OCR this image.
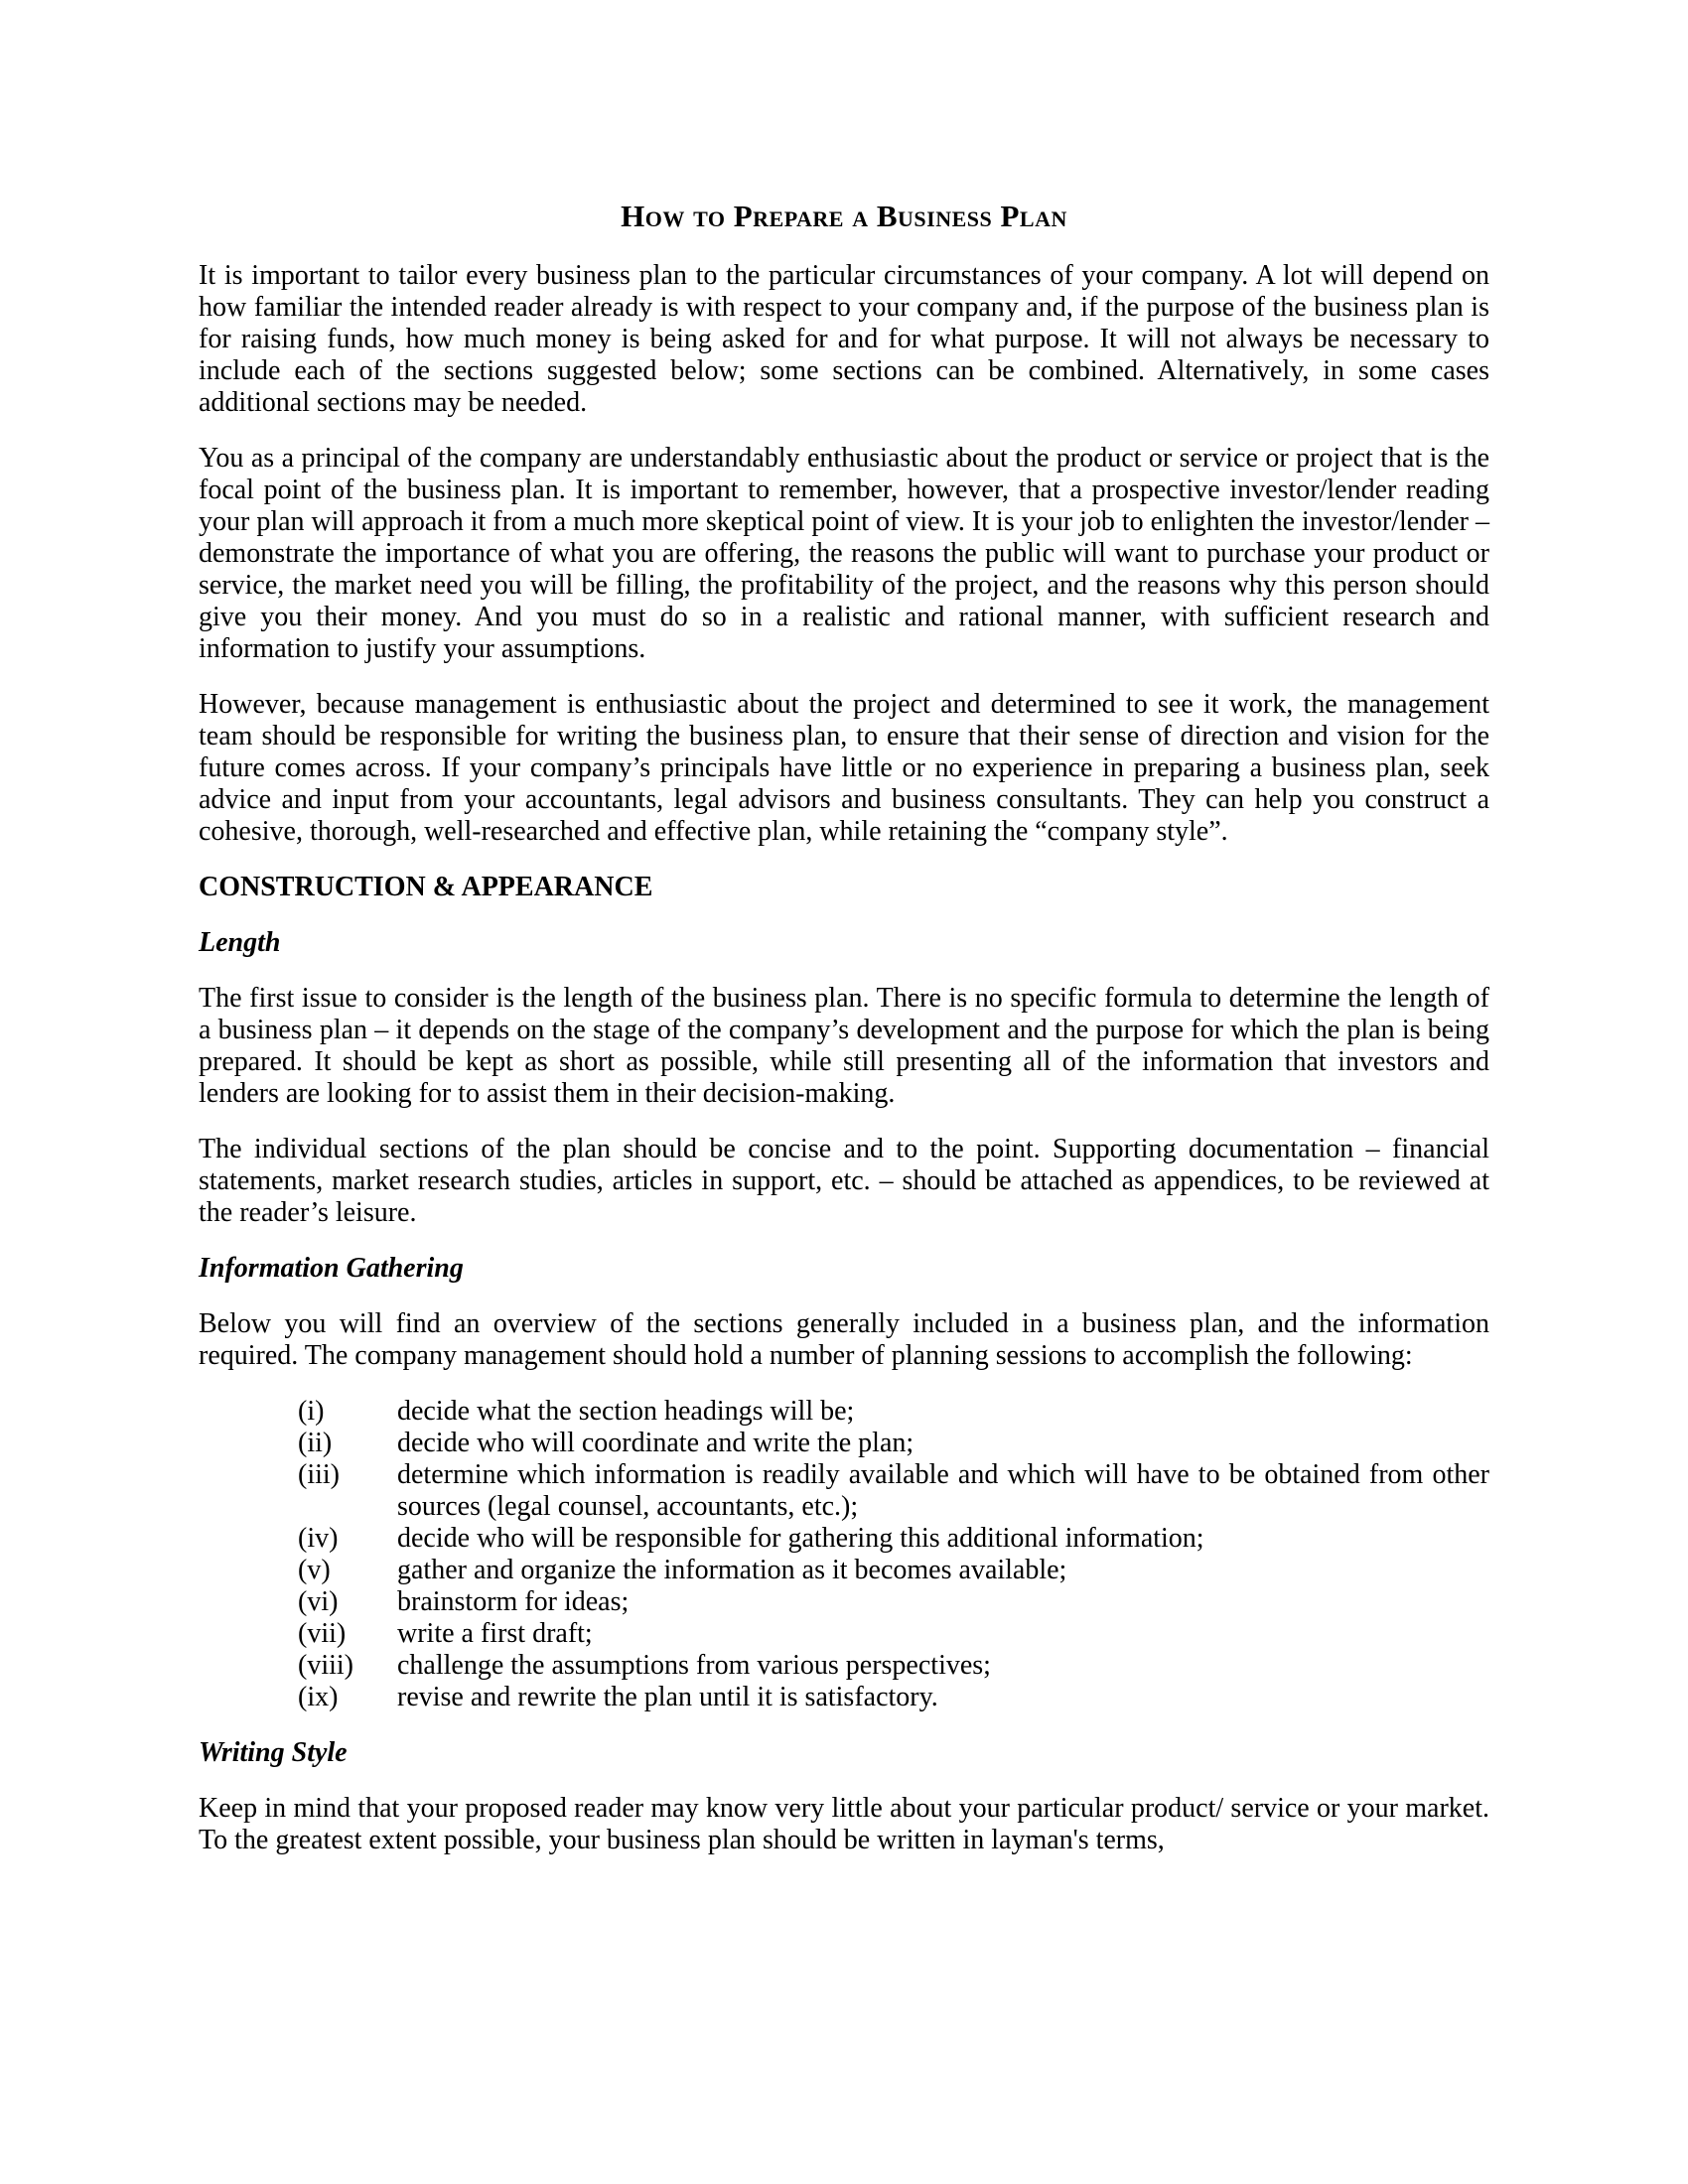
How to Prepare a Business Plan

It is important to tailor every business plan to the particular circumstances of your company. A lot will depend on how familiar the intended reader already is with respect to your company and, if the purpose of the business plan is for raising funds, how much money is being asked for and for what purpose. It will not always be necessary to include each of the sections suggested below; some sections can be combined. Alternatively, in some cases additional sections may be needed.

You as a principal of the company are understandably enthusiastic about the product or service or project that is the focal point of the business plan. It is important to remember, however, that a prospective investor/lender reading your plan will approach it from a much more skeptical point of view. It is your job to enlighten the investor/lender – demonstrate the importance of what you are offering, the reasons the public will want to purchase your product or service, the market need you will be filling, the profitability of the project, and the reasons why this person should give you their money. And you must do so in a realistic and rational manner, with sufficient research and information to justify your assumptions.

However, because management is enthusiastic about the project and determined to see it work, the management team should be responsible for writing the business plan, to ensure that their sense of direction and vision for the future comes across. If your company’s principals have little or no experience in preparing a business plan, seek advice and input from your accountants, legal advisors and business consultants. They can help you construct a cohesive, thorough, well-researched and effective plan, while retaining the “company style”.

CONSTRUCTION & APPEARANCE
Length

The first issue to consider is the length of the business plan. There is no specific formula to determine the length of a business plan – it depends on the stage of the company’s development and the purpose for which the plan is being prepared. It should be kept as short as possible, while still presenting all of the information that investors and lenders are looking for to assist them in their decision-making.

The individual sections of the plan should be concise and to the point. Supporting documentation – financial statements, market research studies, articles in support, etc. – should be attached as appendices, to be reviewed at the reader’s leisure.

Information Gathering

Below you will find an overview of the sections generally included in a business plan, and the information required. The company management should hold a number of planning sessions to accomplish the following:

(i)	decide what the section headings will be;
(ii)	decide who will coordinate and write the plan;
(iii)	determine which information is readily available and which will have to be obtained from other sources (legal counsel, accountants, etc.);
(iv)	decide who will be responsible for gathering this additional information;
(v)	gather and organize the information as it becomes available;
(vi)	brainstorm for ideas;
(vii)	write a first draft;
(viii)	challenge the assumptions from various perspectives;
(ix)	revise and rewrite the plan until it is satisfactory.
Writing Style

Keep in mind that your proposed reader may know very little about your particular product/ service or your market. To the greatest extent possible, your business plan should be written in layman's terms,
